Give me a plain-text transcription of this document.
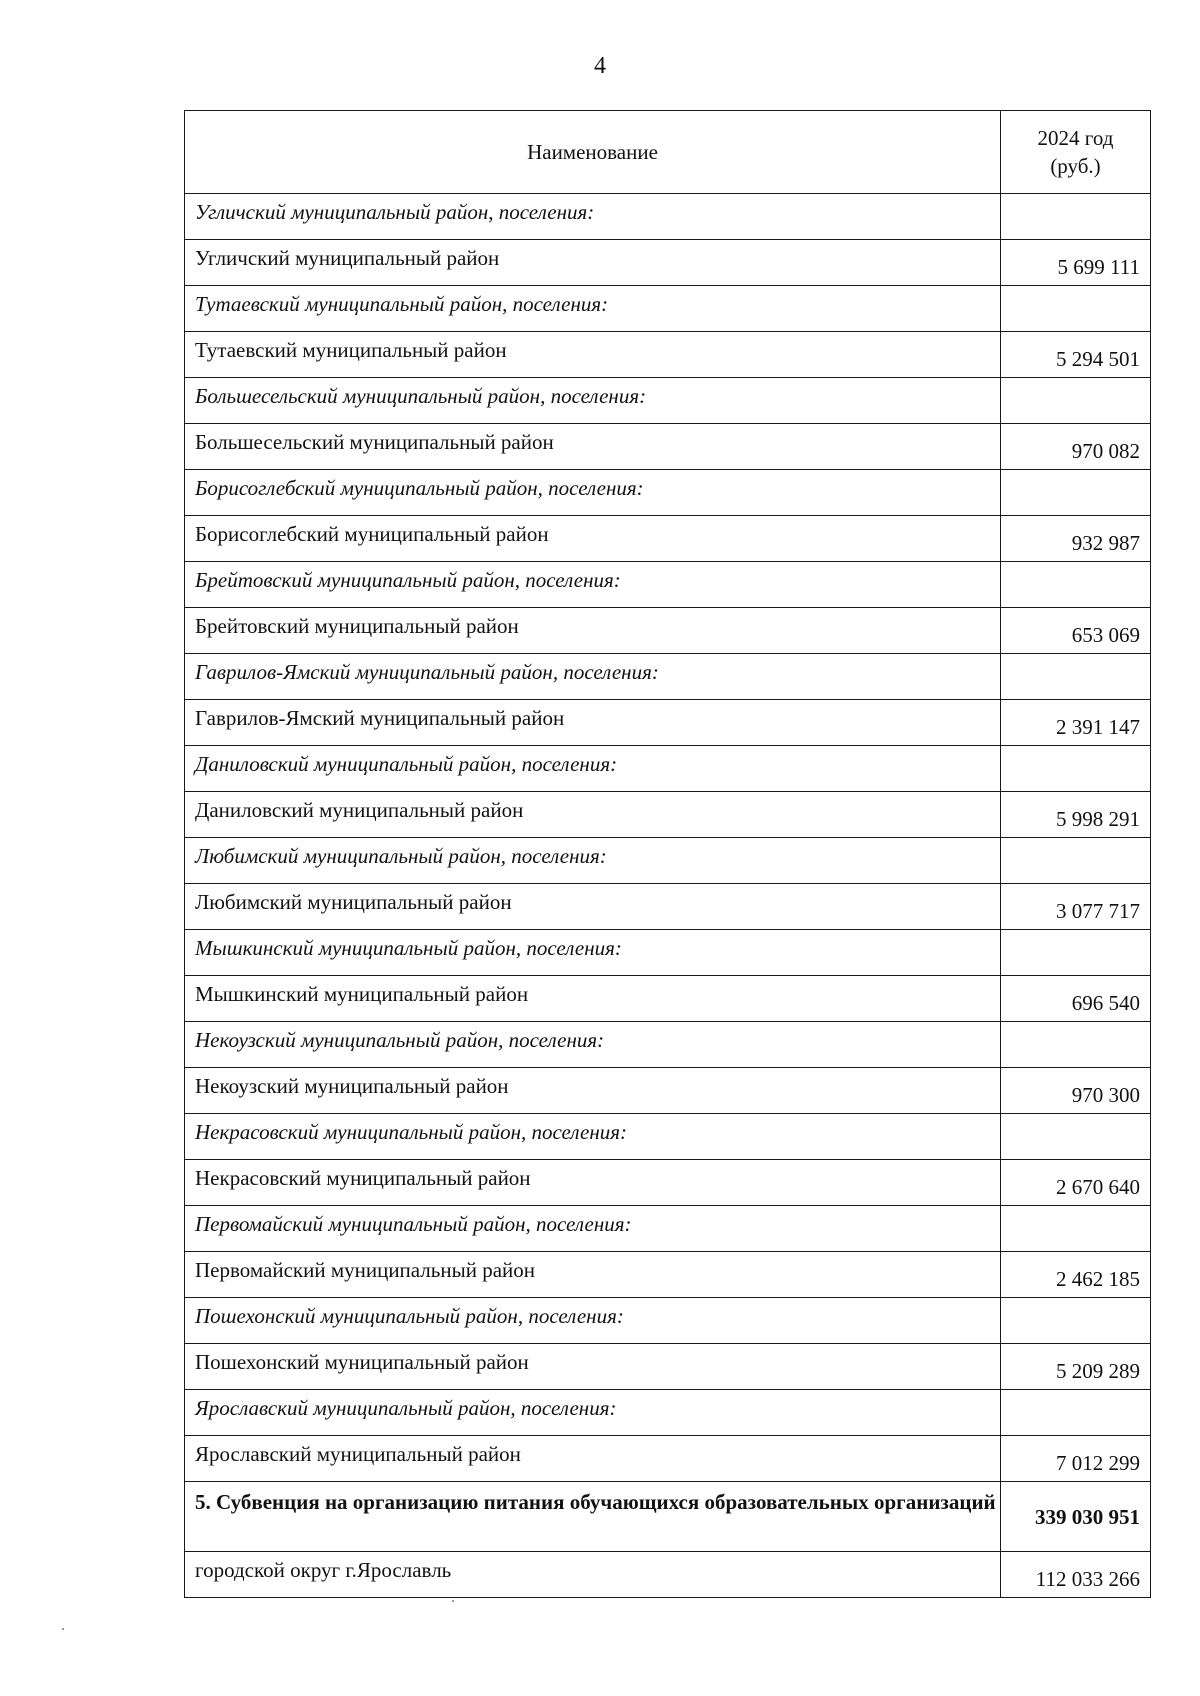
4
Наименование	2024 год
(руб.)
Угличский муниципальный район, поселения:	
Угличский муниципальный район	5 699 111
Тутаевский муниципальный район, поселения:	
Тутаевский муниципальный район	5 294 501
Большесельский муниципальный район, поселения:	
Большесельский муниципальный район	970 082
Борисоглебский муниципальный район, поселения:	
Борисоглебский муниципальный район	932 987
Брейтовский муниципальный район, поселения:	
Брейтовский муниципальный район	653 069
Гаврилов-Ямский муниципальный район, поселения:	
Гаврилов-Ямский муниципальный район	2 391 147
Даниловский муниципальный район, поселения:	
Даниловский муниципальный район	5 998 291
Любимский муниципальный район, поселения:	
Любимский муниципальный район	3 077 717
Мышкинский муниципальный район, поселения:	
Мышкинский муниципальный район	696 540
Некоузский муниципальный район, поселения:	
Некоузский муниципальный район	970 300
Некрасовский муниципальный район, поселения:	
Некрасовский муниципальный район	2 670 640
Первомайский муниципальный район, поселения:	
Первомайский муниципальный район	2 462 185
Пошехонский муниципальный район, поселения:	
Пошехонский муниципальный район	5 209 289
Ярославский муниципальный район, поселения:	
Ярославский муниципальный район	7 012 299
5. Субвенция на организацию питания обучающихся образовательных организаций	339 030 951
городской округ г.Ярославль	112 033 266
